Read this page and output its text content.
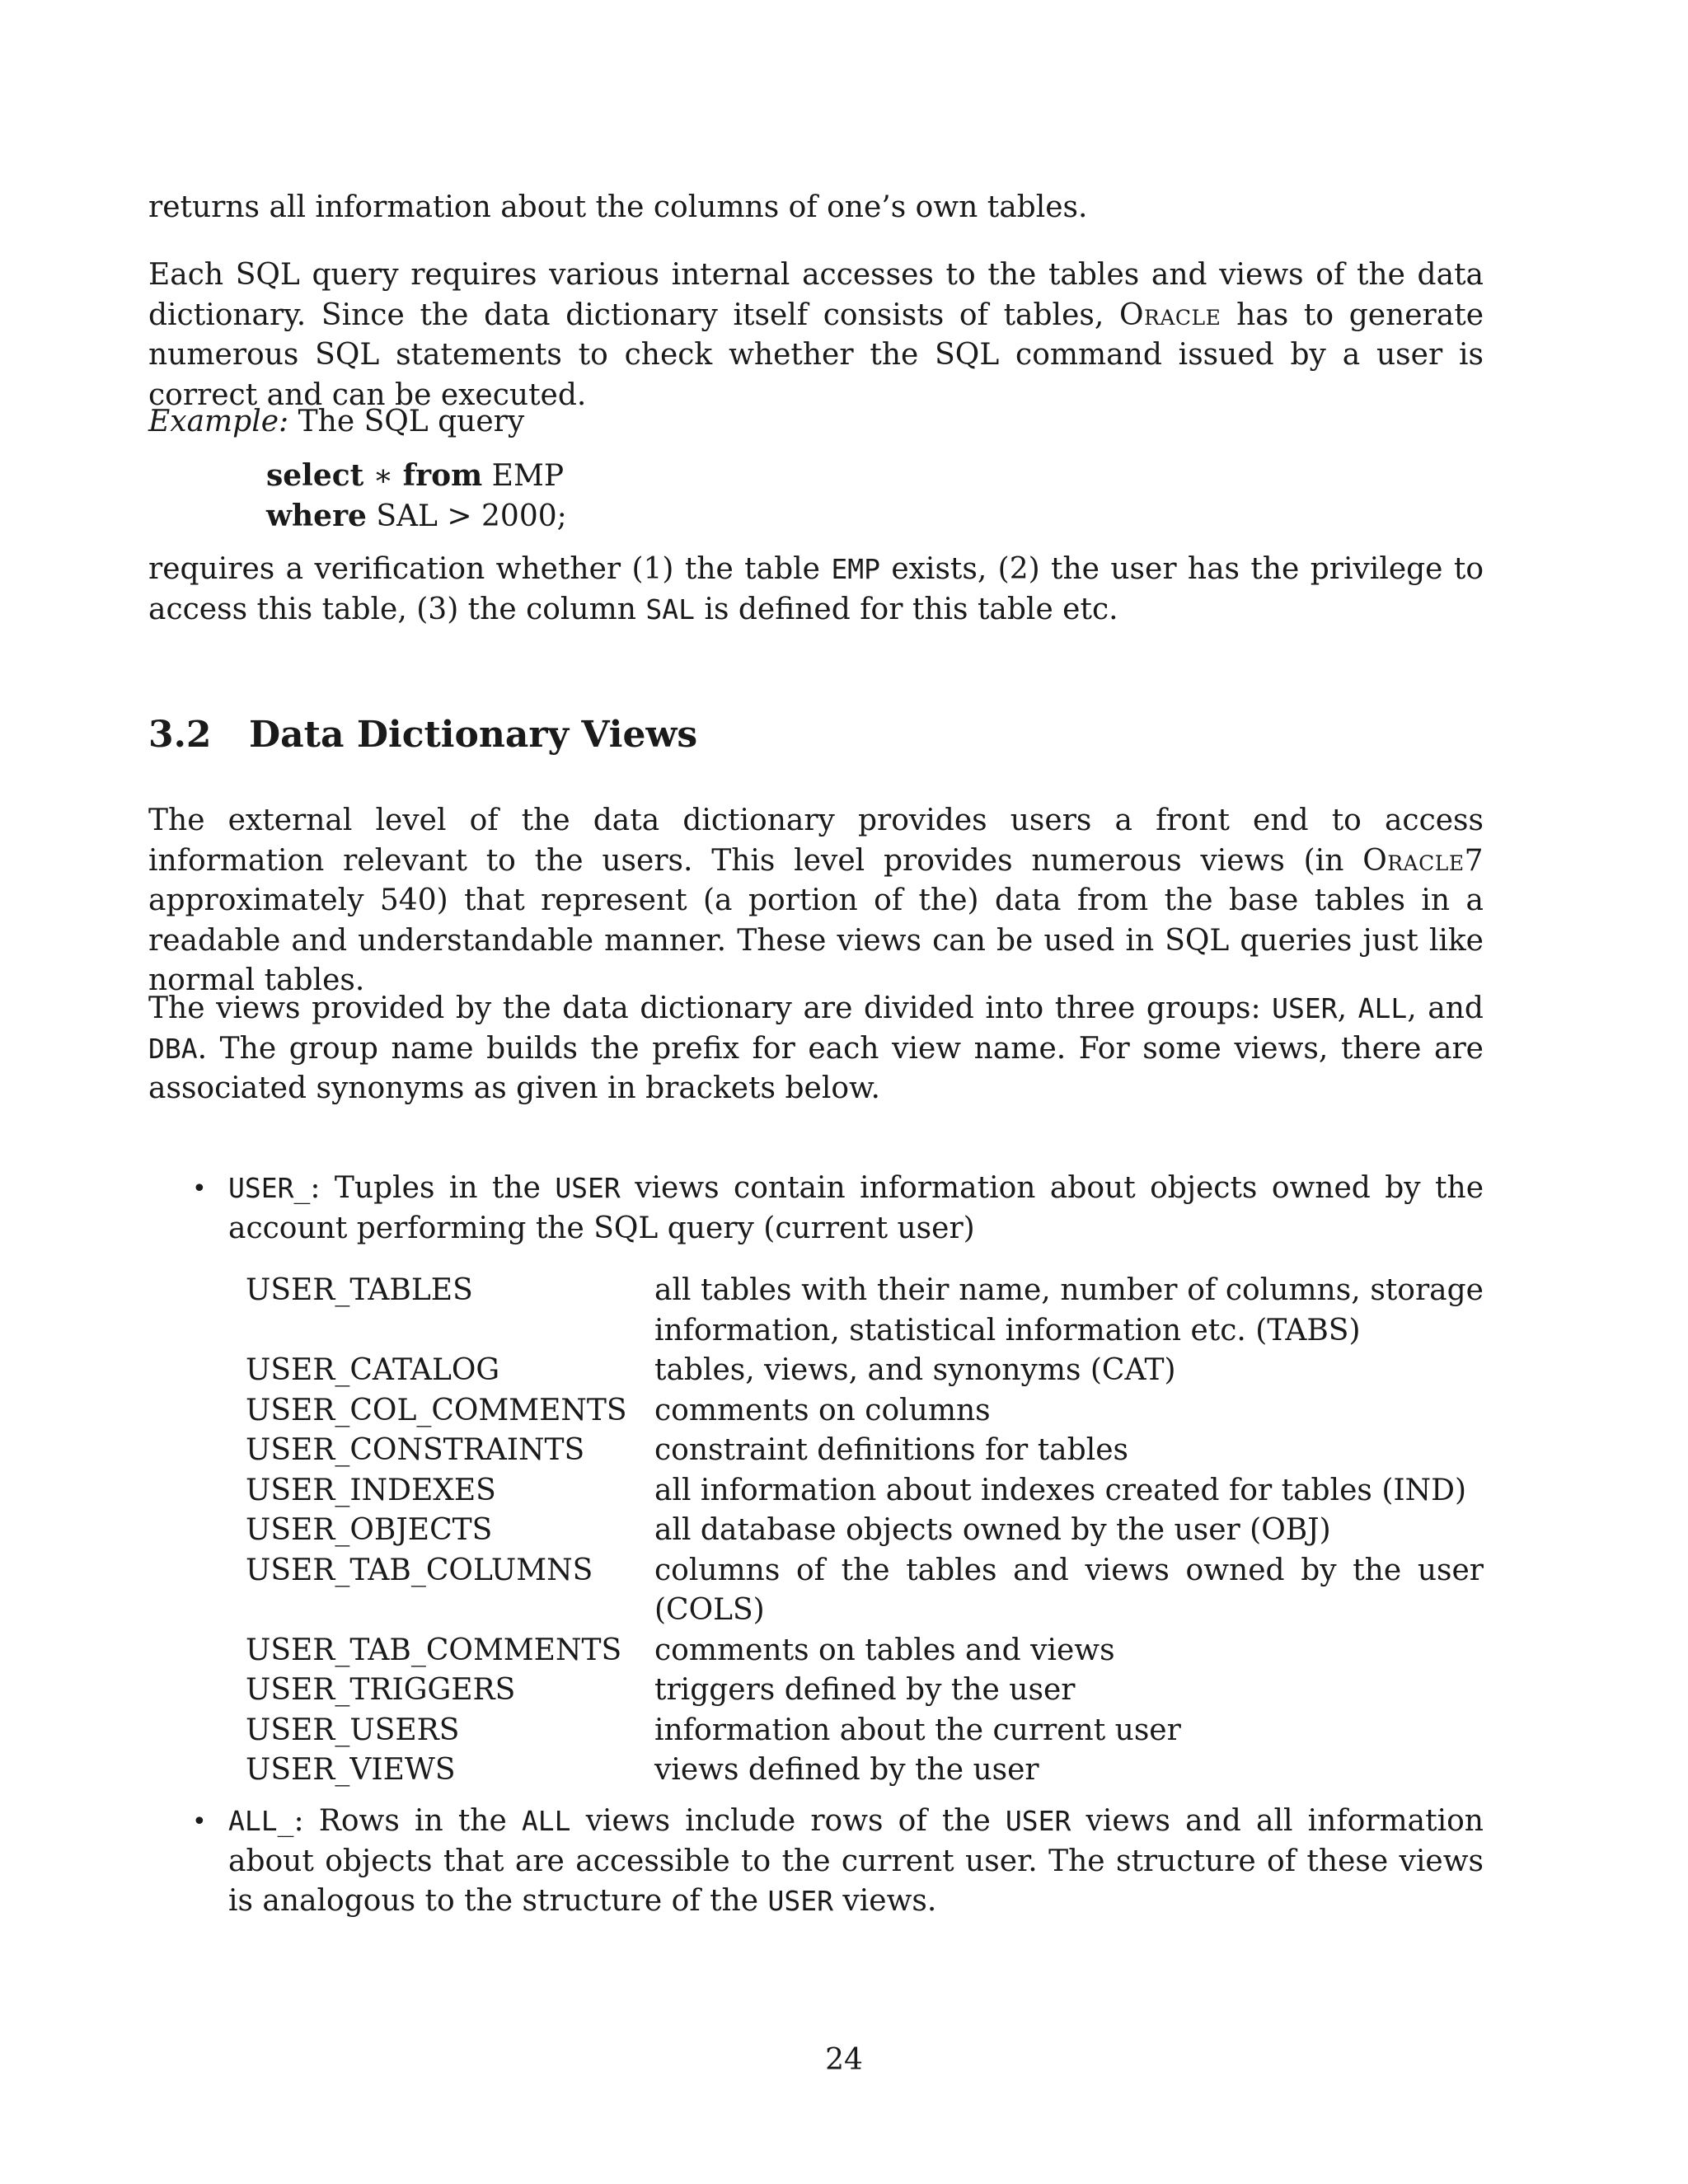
returns all information about the columns of one’s own tables.

Each SQL query requires various internal accesses to the tables and views of the data dictionary. Since the data dictionary itself consists of tables, Oracle has to generate numerous SQL statements to check whether the SQL command issued by a user is correct and can be executed.

Example: The SQL query

select ∗ from EMP
where SAL > 2000;

requires a verification whether (1) the table EMP exists, (2) the user has the privilege to access this table, (3) the column SAL is defined for this table etc.

3.2 Data Dictionary Views

The external level of the data dictionary provides users a front end to access information relevant to the users. This level provides numerous views (in Oracle7 approximately 540) that represent (a portion of the) data from the base tables in a readable and understandable manner. These views can be used in SQL queries just like normal tables.

The views provided by the data dictionary are divided into three groups: USER, ALL, and DBA. The group name builds the prefix for each view name. For some views, there are associated synonyms as given in brackets below.

• USER_: Tuples in the USER views contain information about objects owned by the account performing the SQL query (current user)

USER_TABLES	all tables with their name, number of columns, storage information, statistical information etc. (TABS)
USER_CATALOG	tables, views, and synonyms (CAT)
USER_COL_COMMENTS	comments on columns
USER_CONSTRAINTS	constraint definitions for tables
USER_INDEXES	all information about indexes created for tables (IND)
USER_OBJECTS	all database objects owned by the user (OBJ)
USER_TAB_COLUMNS	columns of the tables and views owned by the user (COLS)
USER_TAB_COMMENTS	comments on tables and views
USER_TRIGGERS	triggers defined by the user
USER_USERS	information about the current user
USER_VIEWS	views defined by the user
• ALL_: Rows in the ALL views include rows of the USER views and all information about objects that are accessible to the current user. The structure of these views is analogous to the structure of the USER views.

24
